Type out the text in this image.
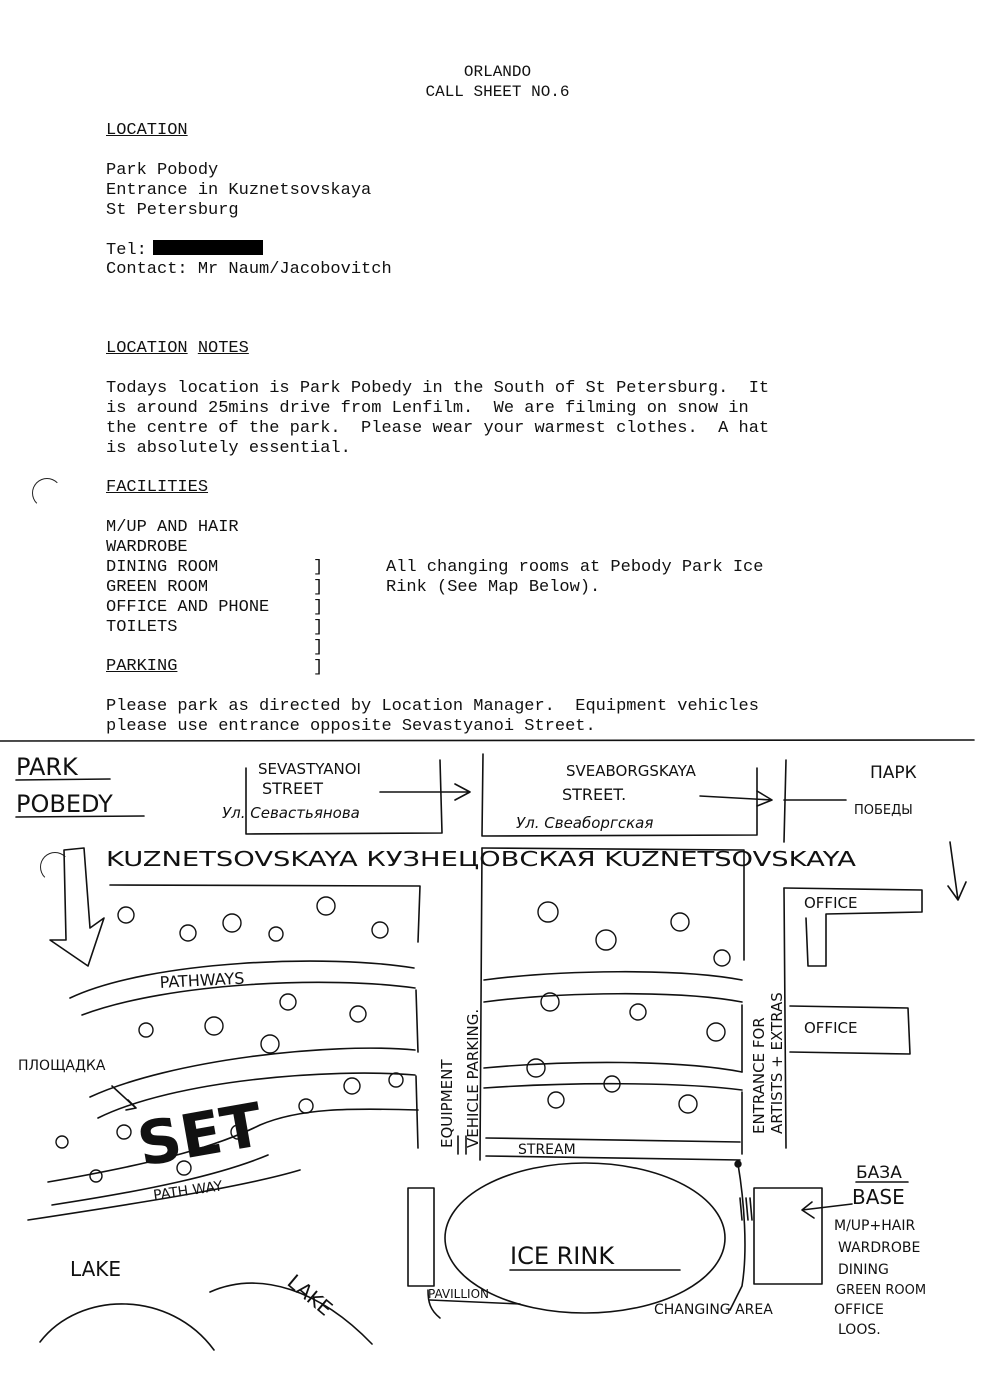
ORLANDO
CALL SHEET NO.6
LOCATION
Park Pobody
Entrance in Kuznetsovskaya
St Petersburg
Tel:
Contact: Mr Naum/Jacobovitch
LOCATION NOTES
Todays location is Park Pobedy in the South of St Petersburg.  It
is around 25mins drive from Lenfilm.  We are filming on snow in
the centre of the park.  Please wear your warmest clothes.  A hat
is absolutely essential.
FACILITIES
M/UP AND HAIR
WARDROBE
DINING ROOM
GREEN ROOM
OFFICE AND PHONE
TOILETS

]
]
]
]
]
]

All changing rooms at Pebody Park Ice
Rink (See Map Below).
PARKING
Please park as directed by Location Manager.  Equipment vehicles
please use entrance opposite Sevastyanoi Street.
PARK
POBEDY
SEVASTYANOI
STREET
Ул. Севастьянова
SVEABORGSKAYA
STREET.
Ул. Свеаборгская
ПАРК
ПОБЕДЫ
KUZNETSOVSKAYA КУЗНЕЦОВСКАЯ KUZNETSOVSKAYA
OFFICE
OFFICE
PATHWAYS
EQUIPMENT VEHICLE PARKING.	ENTRANCE FOR ARTISTS + EXTRAS
ПЛОЩАДКА
SET
PATH WAY
STREAM
ICE RINK
LAKE
LAKE	PAVILLION
CHANGING AREA
БАЗА
BASE
M/UP+HAIR
WARDROBE
DINING
GREEN ROOM
OFFICE
LOOS.
